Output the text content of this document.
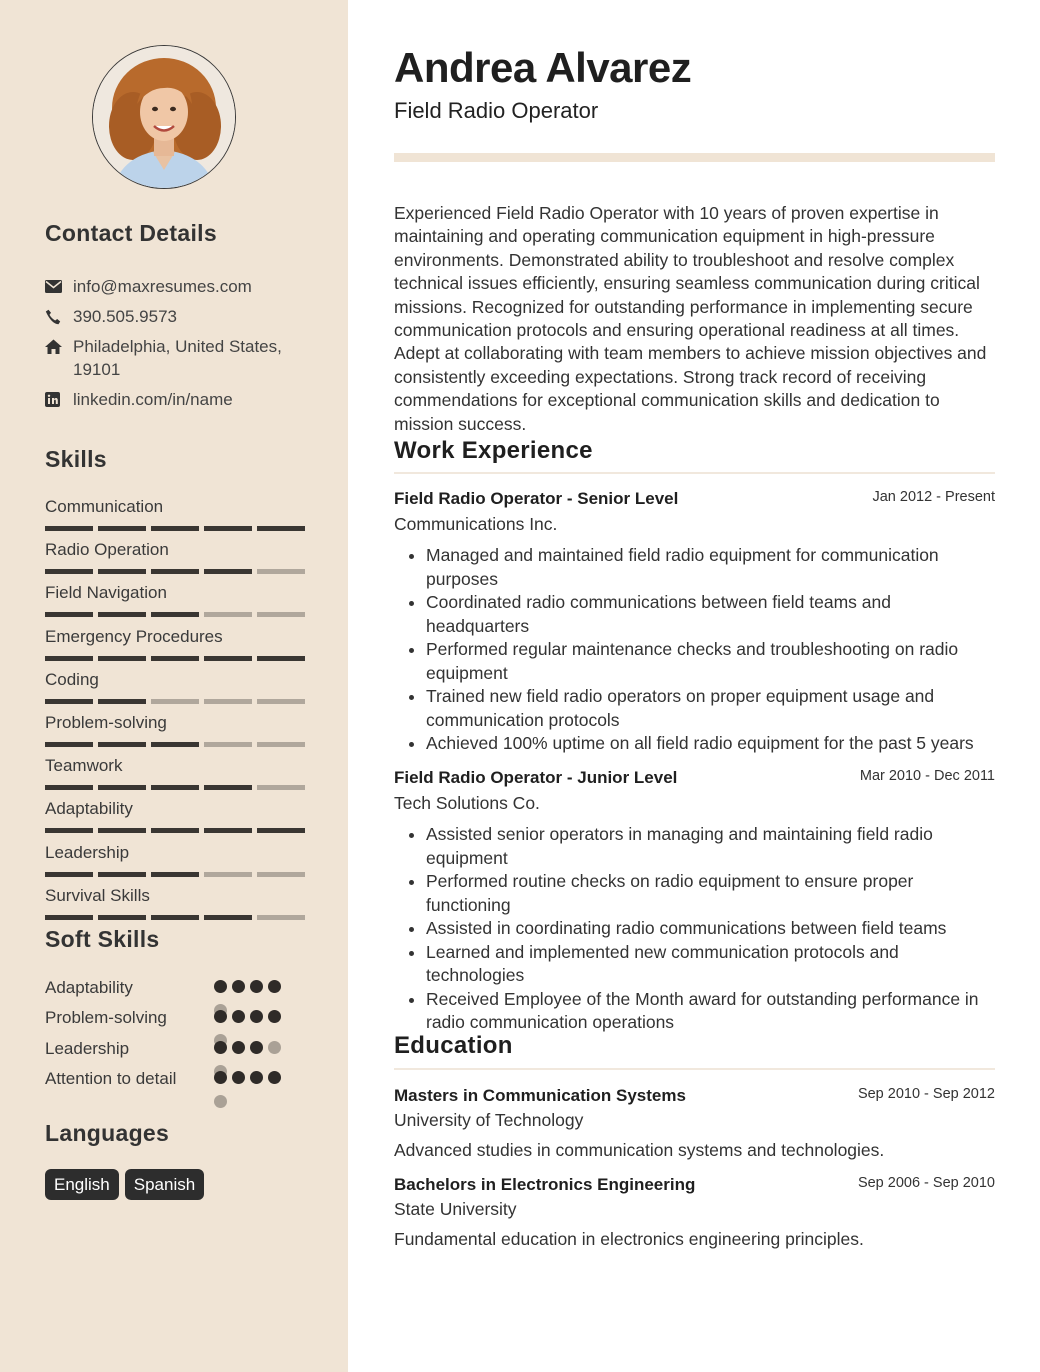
Contact Details
info@maxresumes.com
390.505.9573
Philadelphia, United States, 19101
linkedin.com/in/name
Skills
Communication
Radio Operation
Field Navigation
Emergency Procedures
Coding
Problem-solving
Teamwork
Adaptability
Leadership
Survival Skills
Soft Skills
Adaptability
Problem-solving
Leadership
Attention to detail
Languages
English	Spanish
Andrea Alvarez
Field Radio Operator

Experienced Field Radio Operator with 10 years of proven expertise in maintaining and operating communication equipment in high-pressure environments. Demonstrated ability to troubleshoot and resolve complex technical issues efficiently, ensuring seamless communication during critical missions. Recognized for outstanding performance in implementing secure communication protocols and ensuring operational readiness at all times. Adept at collaborating with team members to achieve mission objectives and consistently exceeding expectations. Strong track record of receiving commendations for exceptional communication skills and dedication to mission success.

Work Experience
Field Radio Operator - Senior Level	Jan 2012 - Present
Communications Inc.
• Managed and maintained field radio equipment for communication purposes
• Coordinated radio communications between field teams and headquarters
• Performed regular maintenance checks and troubleshooting on radio equipment
• Trained new field radio operators on proper equipment usage and communication protocols
• Achieved 100% uptime on all field radio equipment for the past 5 years
Field Radio Operator - Junior Level	Mar 2010 - Dec 2011
Tech Solutions Co.
• Assisted senior operators in managing and maintaining field radio equipment
• Performed routine checks on radio equipment to ensure proper functioning
• Assisted in coordinating radio communications between field teams
• Learned and implemented new communication protocols and technologies
• Received Employee of the Month award for outstanding performance in radio communication operations
Education
Masters in Communication Systems	Sep 2010 - Sep 2012
University of Technology
Advanced studies in communication systems and technologies.
Bachelors in Electronics Engineering	Sep 2006 - Sep 2010
State University
Fundamental education in electronics engineering principles.
